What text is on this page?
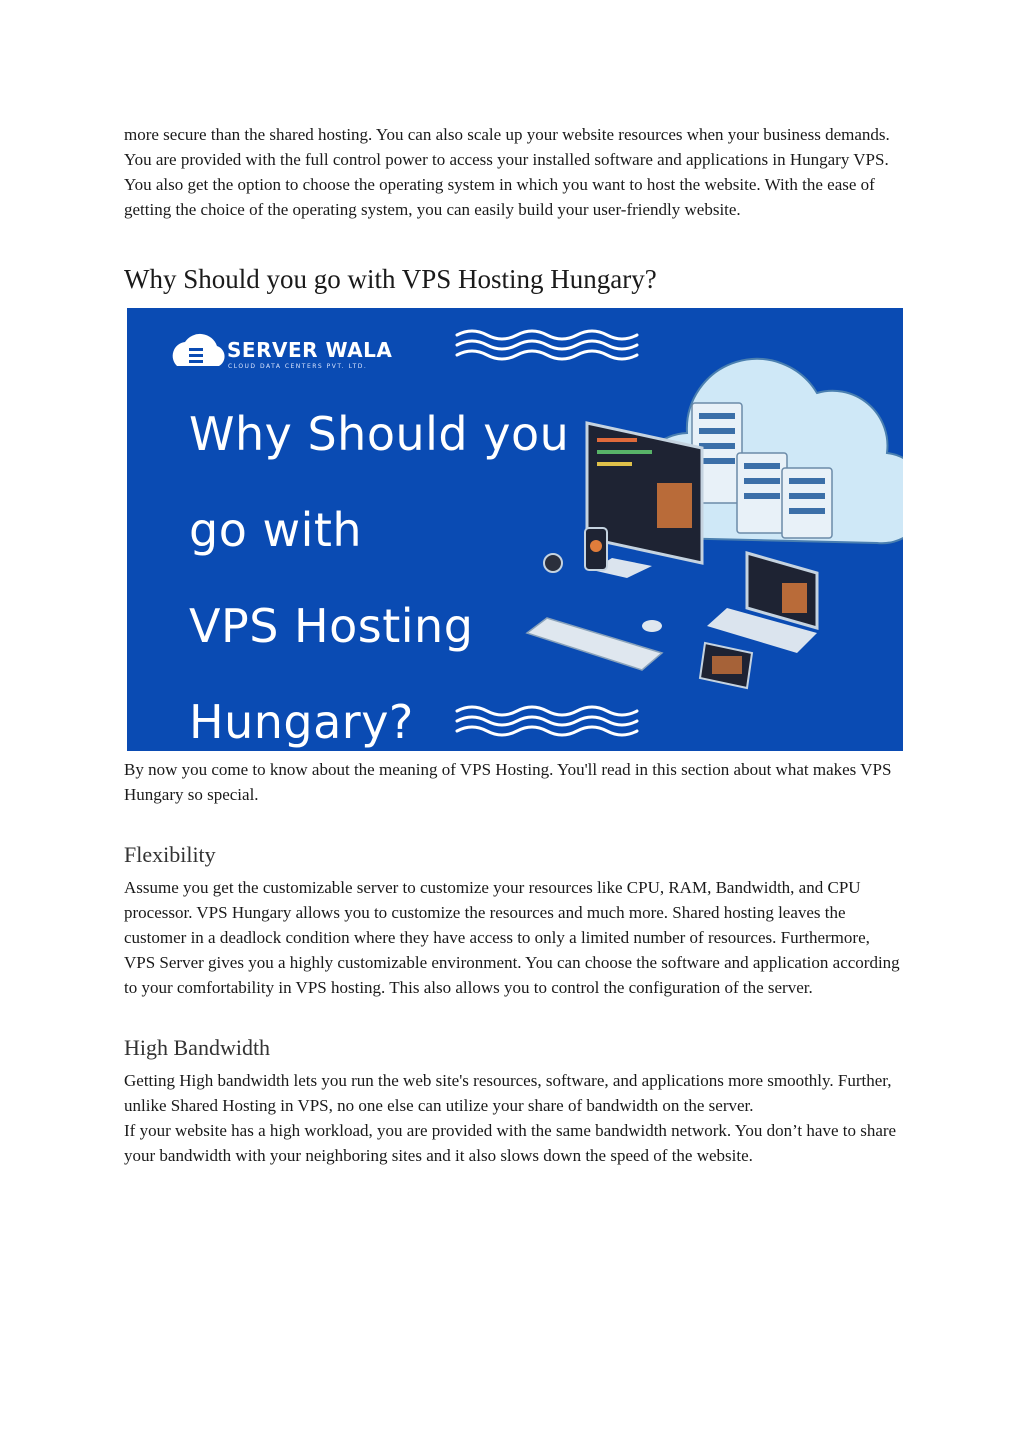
more secure than the shared hosting. You can also scale up your website resources when your business demands.

You are provided with the full control power to access your installed software and applications in Hungary VPS. You also get the option to choose the operating system in which you want to host the website. With the ease of getting the choice of the operating system, you can easily build your user-friendly website.

Why Should you go with VPS Hosting Hungary?
SERVER WALA
CLOUD DATA CENTERS PVT. LTD.
Why Should you
go with
VPS Hosting
Hungary?

By now you come to know about the meaning of VPS Hosting. You'll read in this section about what makes VPS Hungary so special.

Flexibility

Assume you get the customizable server to customize your resources like CPU, RAM, Bandwidth, and CPU processor. VPS Hungary allows you to customize the resources and much more. Shared hosting leaves the customer in a deadlock condition where they have access to only a limited number of resources. Furthermore, VPS Server gives you a highly customizable environment. You can choose the software and application according to your comfortability in VPS hosting. This also allows you to control the configuration of the server.

High Bandwidth

Getting High bandwidth lets you run the web site's resources, software, and applications more smoothly. Further, unlike Shared Hosting in VPS, no one else can utilize your share of bandwidth on the server.

If your website has a high workload, you are provided with the same bandwidth network. You don’t have to share your bandwidth with your neighboring sites and it also slows down the speed of the website.
